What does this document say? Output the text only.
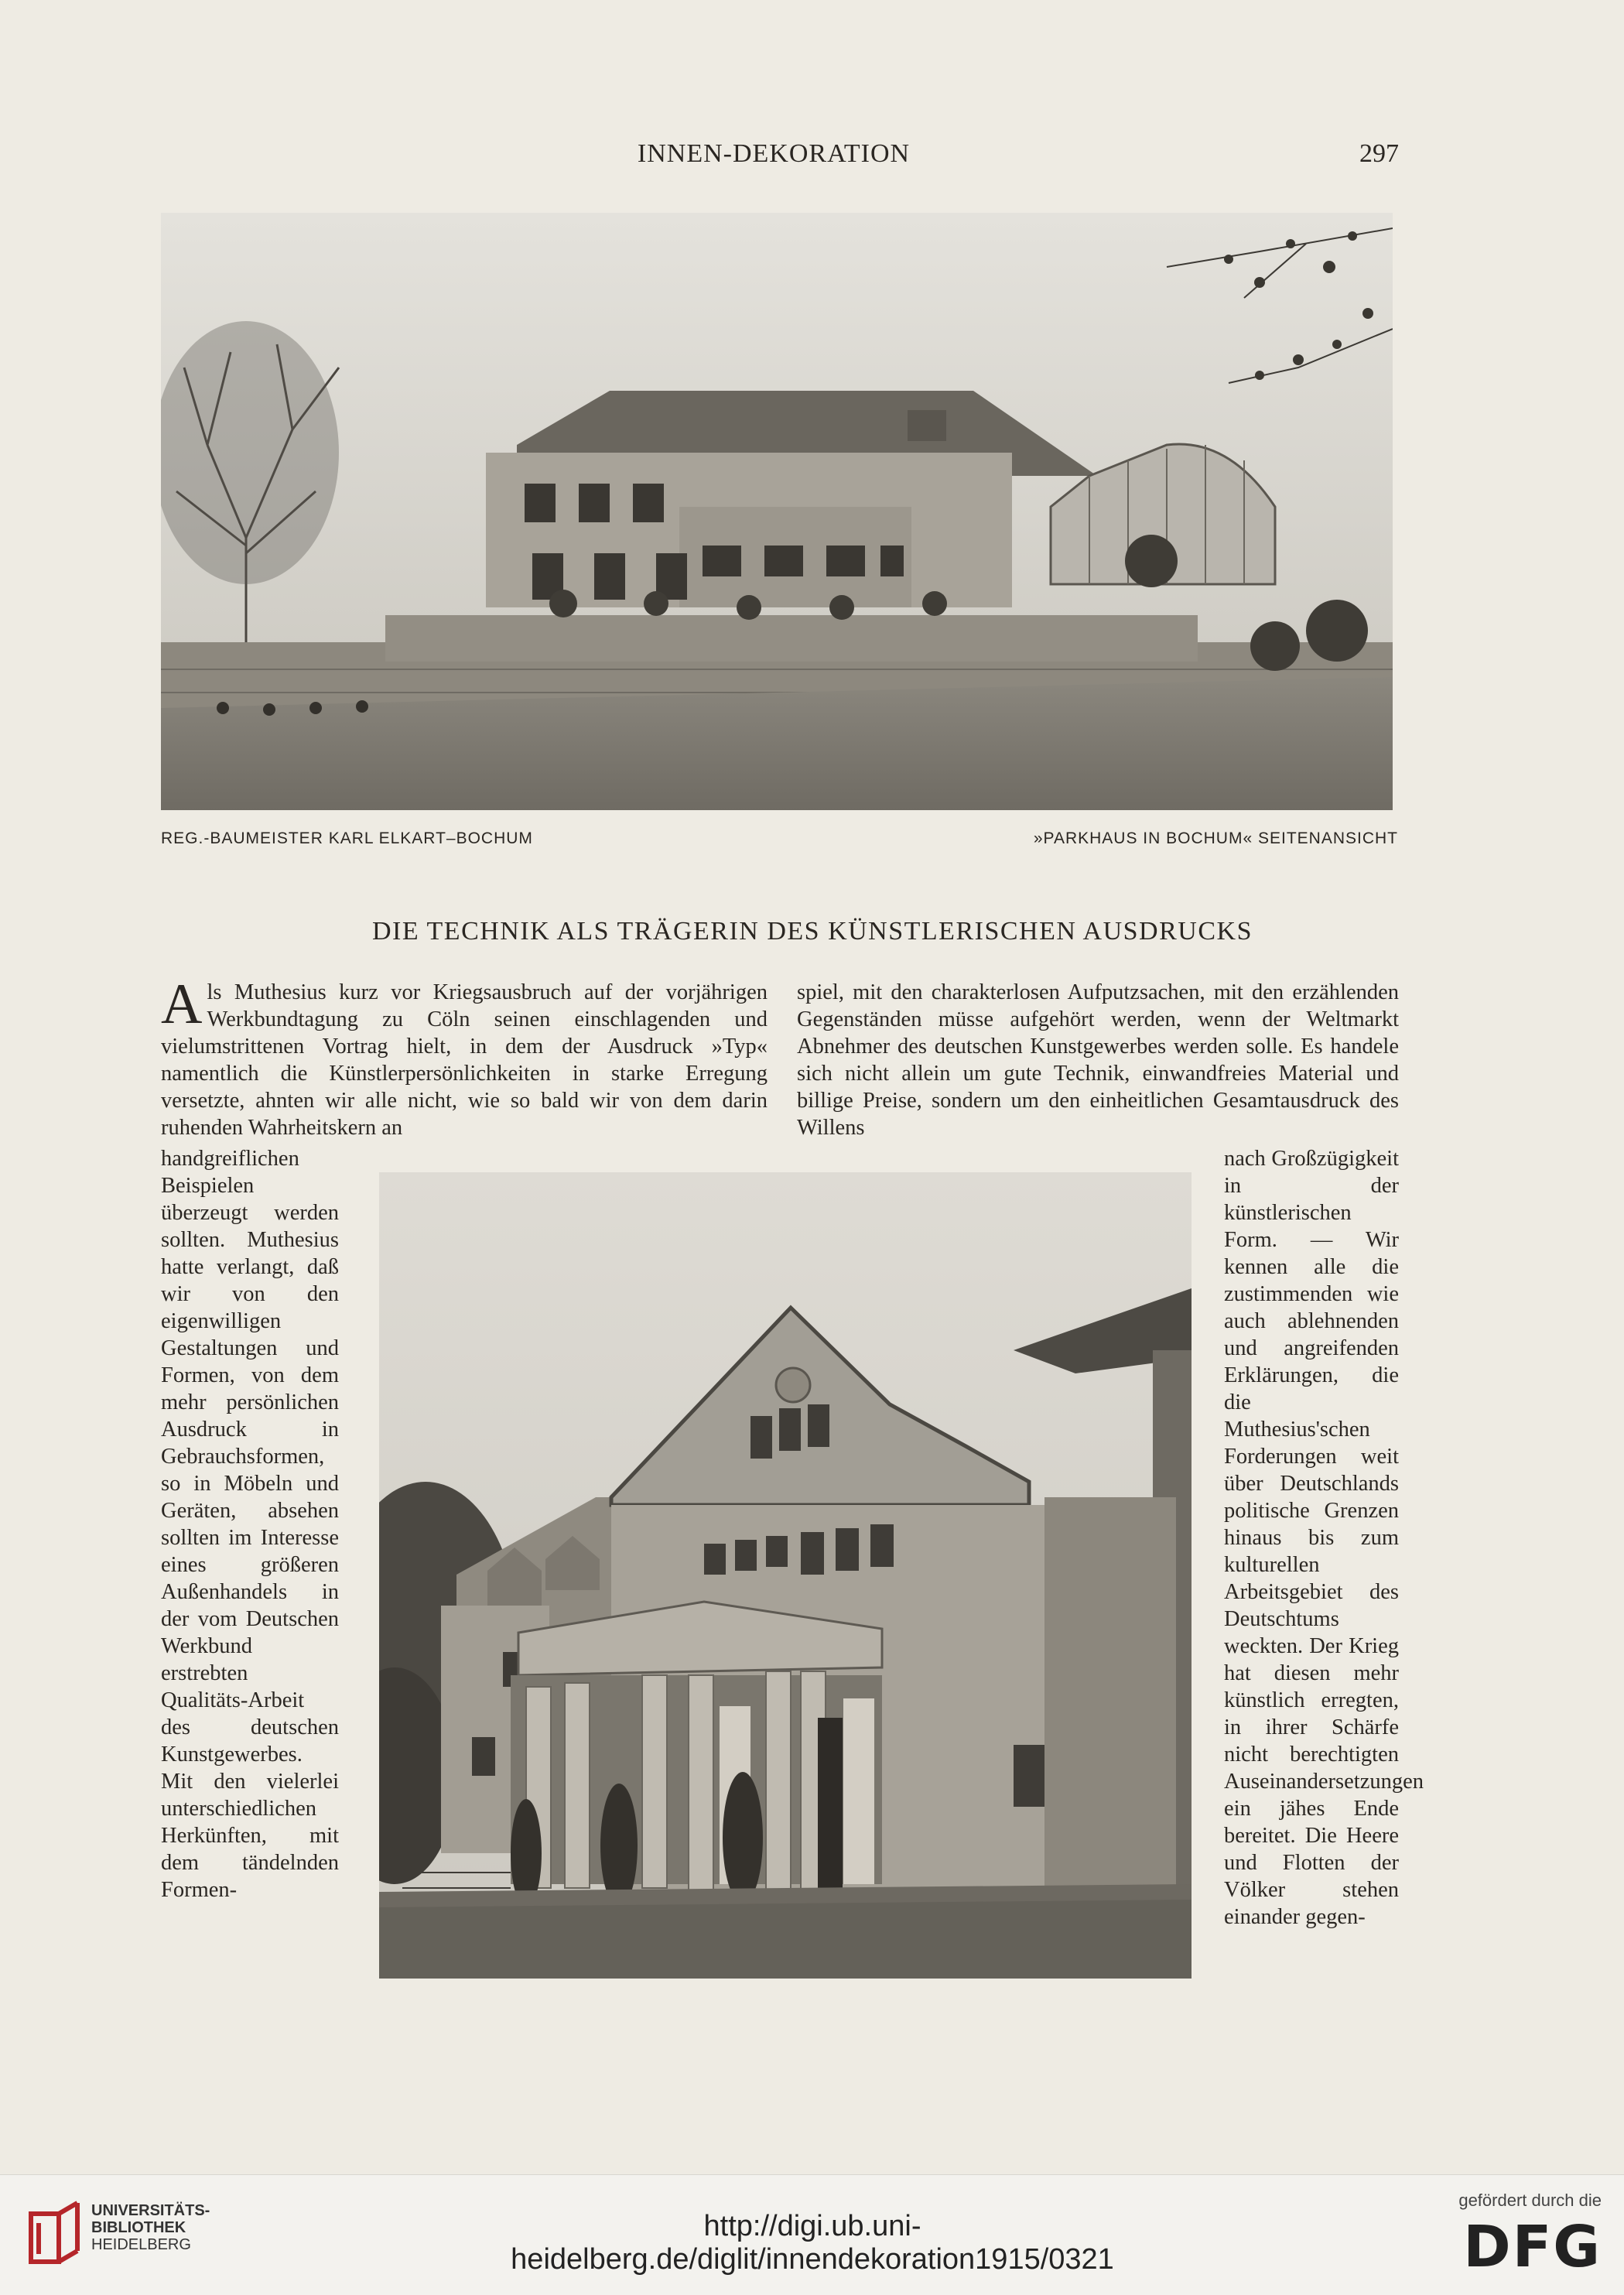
INNEN-DEKORATION	297
REG.-BAUMEISTER KARL ELKART–BOCHUM	»PARKHAUS IN BOCHUM« SEITENANSICHT
DIE TECHNIK ALS TRÄGERIN DES KÜNSTLERISCHEN AUSDRUCKS

Als Muthesius kurz vor Kriegsausbruch auf der vorjährigen Werkbundtagung zu Cöln seinen einschlagenden und vielumstrittenen Vortrag hielt, in dem der Ausdruck »Typ« namentlich die Künstlerpersönlichkeiten in starke Erregung versetzte, ahnten wir alle nicht, wie so bald wir von dem darin ruhenden Wahrheitskern an

spiel, mit den charakterlosen Aufputzsachen, mit den erzählenden Gegenständen müsse aufgehört werden, wenn der Weltmarkt Abnehmer des deutschen Kunstgewerbes werden solle. Es handele sich nicht allein um gute Technik, einwandfreies Material und billige Preise, sondern um den einheitlichen Gesamtausdruck des Willens

handgreiflichen Beispielen überzeugt werden sollten. Muthesius hatte verlangt, daß wir von den eigenwilligen Gestaltungen und Formen, von dem mehr persönlichen Ausdruck in Gebrauchsformen, so in Möbeln und Geräten, absehen sollten im Interesse eines größeren Außenhandels in der vom Deutschen Werkbund erstrebten Qualitäts-Arbeit des deutschen Kunstgewerbes. Mit den vielerlei unterschiedlichen Herkünften, mit dem tändelnden Formen-

nach Großzügigkeit in der künstlerischen Form. — Wir kennen alle die zustimmenden wie auch ablehnenden und angreifenden Erklärungen, die die Muthesius'schen Forderungen weit über Deutschlands politische Grenzen hinaus bis zum kulturellen Arbeitsgebiet des Deutschtums weckten. Der Krieg hat diesen mehr künstlich erregten, in ihrer Schärfe nicht berechtigten Auseinandersetzungen ein jähes Ende bereitet. Die Heere und Flotten der Völker stehen einander gegen-

UNIVERSITÄTS-
BIBLIOTHEK
HEIDELBERG
http://digi.ub.uni-heidelberg.de/diglit/innendekoration1915/0321
gefördert durch die
DFG
